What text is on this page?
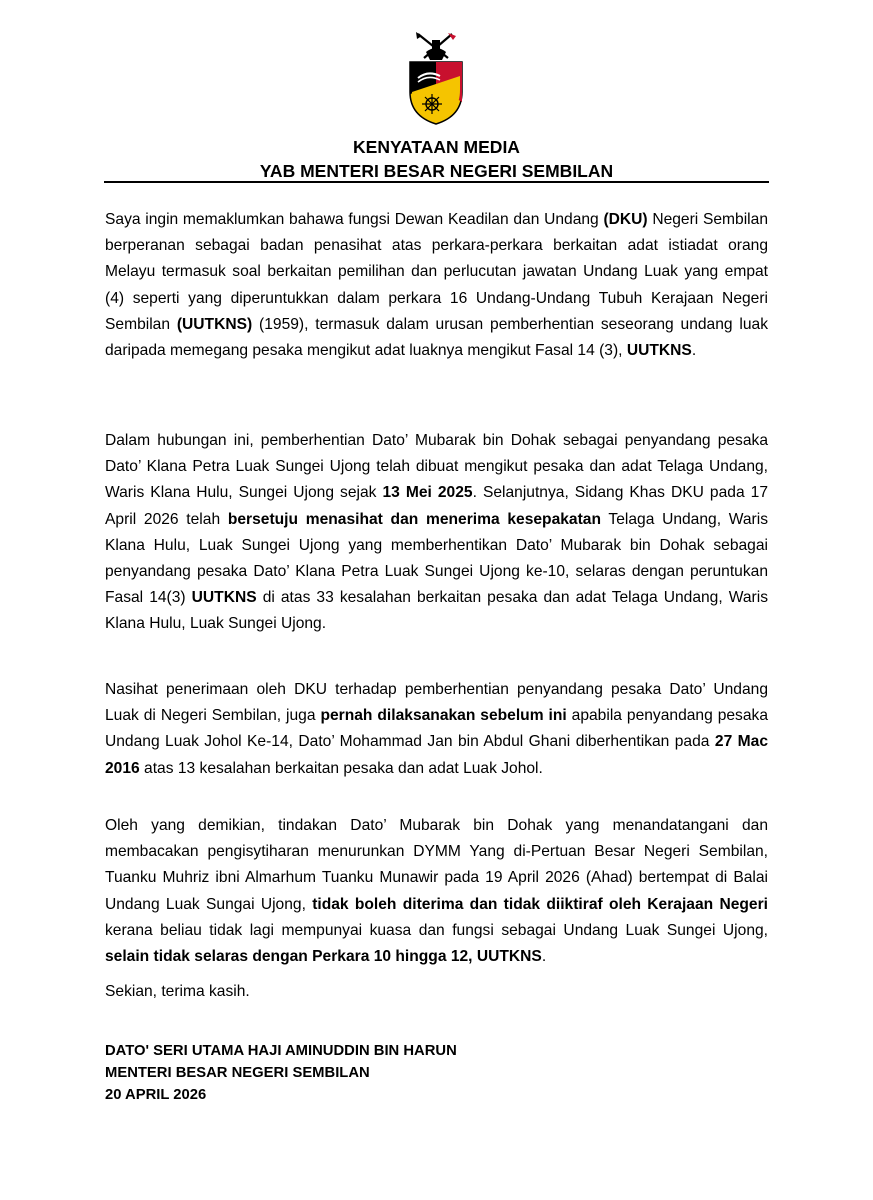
KENYATAAN MEDIA
YAB MENTERI BESAR NEGERI SEMBILAN

Saya ingin memaklumkan bahawa fungsi Dewan Keadilan dan Undang (DKU) Negeri Sembilan berperanan sebagai badan penasihat atas perkara-perkara berkaitan adat istiadat orang Melayu termasuk soal berkaitan pemilihan dan perlucutan jawatan Undang Luak yang empat (4) seperti yang diperuntukkan dalam perkara 16 Undang-Undang Tubuh Kerajaan Negeri Sembilan (UUTKNS) (1959), termasuk dalam urusan pemberhentian seseorang undang luak daripada memegang pesaka mengikut adat luaknya mengikut Fasal 14 (3), UUTKNS.

Dalam hubungan ini, pemberhentian Dato’ Mubarak bin Dohak sebagai penyandang pesaka Dato’ Klana Petra Luak Sungei Ujong telah dibuat mengikut pesaka dan adat Telaga Undang, Waris Klana Hulu, Sungei Ujong sejak 13 Mei 2025. Selanjutnya, Sidang Khas DKU pada 17 April 2026 telah bersetuju menasihat dan menerima kesepakatan Telaga Undang, Waris Klana Hulu, Luak Sungei Ujong yang memberhentikan Dato’ Mubarak bin Dohak sebagai penyandang pesaka Dato’ Klana Petra Luak Sungei Ujong ke-10, selaras dengan peruntukan Fasal 14(3) UUTKNS di atas 33 kesalahan berkaitan pesaka dan adat Telaga Undang, Waris Klana Hulu, Luak Sungei Ujong.

Nasihat penerimaan oleh DKU terhadap pemberhentian penyandang pesaka Dato’ Undang Luak di Negeri Sembilan, juga pernah dilaksanakan sebelum ini apabila penyandang pesaka Undang Luak Johol Ke-14, Dato’ Mohammad Jan bin Abdul Ghani diberhentikan pada 27 Mac 2016 atas 13 kesalahan berkaitan pesaka dan adat Luak Johol.

Oleh yang demikian, tindakan Dato’ Mubarak bin Dohak yang menandatangani dan membacakan pengisytiharan menurunkan DYMM Yang di-Pertuan Besar Negeri Sembilan, Tuanku Muhriz ibni Almarhum Tuanku Munawir pada 19 April 2026 (Ahad) bertempat di Balai Undang Luak Sungai Ujong, tidak boleh diterima dan tidak diiktiraf oleh Kerajaan Negeri kerana beliau tidak lagi mempunyai kuasa dan fungsi sebagai Undang Luak Sungei Ujong, selain tidak selaras dengan Perkara 10 hingga 12, UUTKNS.

Sekian, terima kasih.
DATO' SERI UTAMA HAJI AMINUDDIN BIN HARUN
MENTERI BESAR NEGERI SEMBILAN
20 APRIL 2026
